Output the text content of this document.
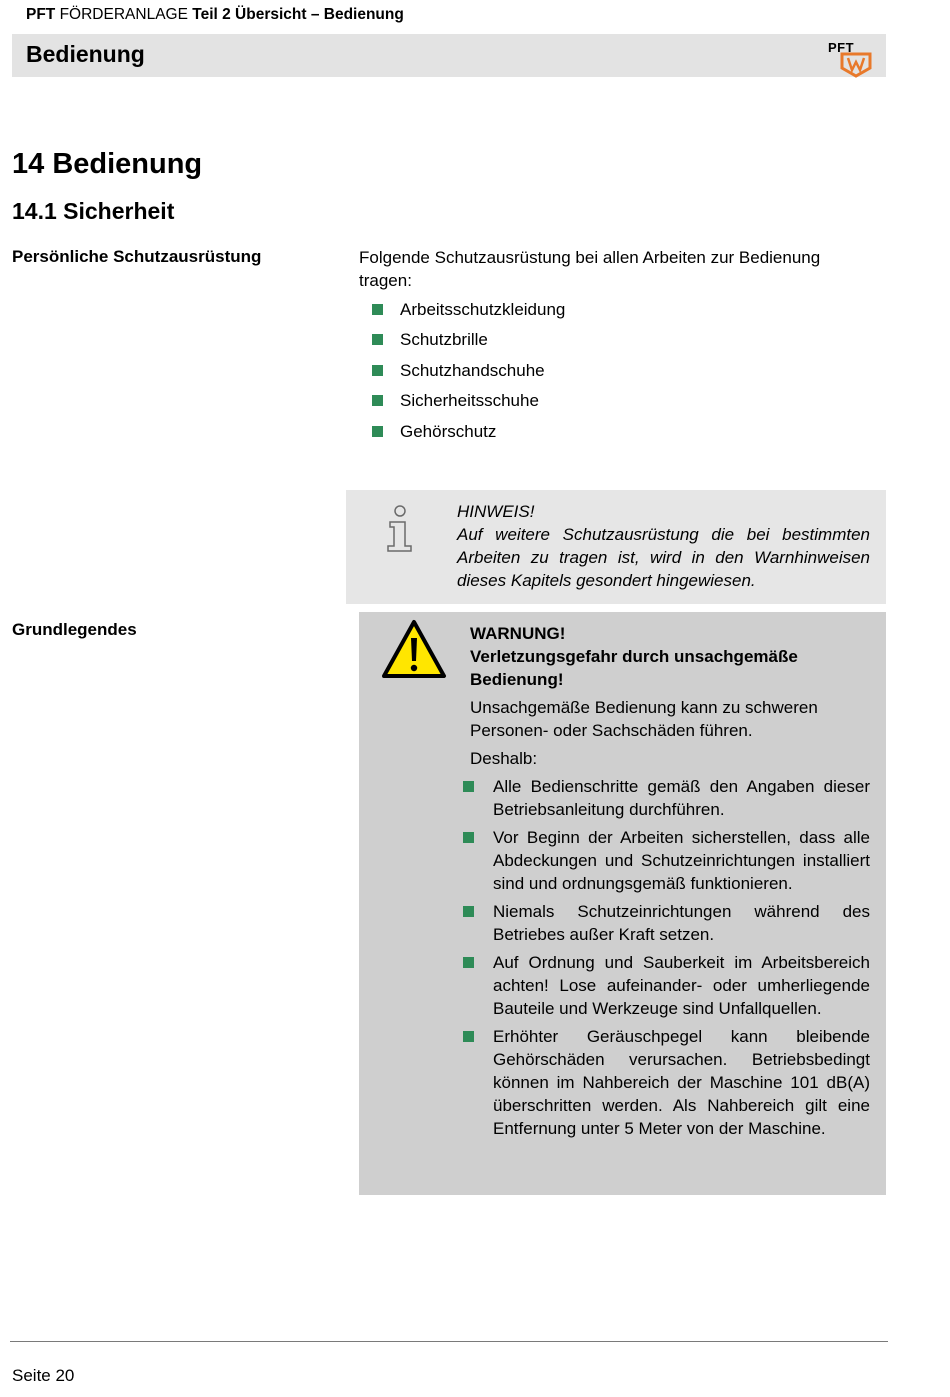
PFT FÖRDERANLAGE Teil 2 Übersicht – Bedienung
Bedienung	PFT
14 Bedienung
14.1 Sicherheit
Persönliche Schutzausrüstung	Folgende Schutzausrüstung bei allen Arbeiten zur Bedienung tragen:
Arbeitsschutzkleidung
Schutzbrille
Schutzhandschuhe
Sicherheitsschuhe
Gehörschutz
HINWEIS!
Auf weitere Schutzausrüstung die bei bestimmten Arbeiten zu tragen ist, wird in den Warnhinweisen dieses Kapitels gesondert hingewiesen.
Grundlegendes	WARNUNG!
Verletzungsgefahr durch unsachgemäße Bedienung!
Unsachgemäße Bedienung kann zu schweren Personen- oder Sachschäden führen.
Deshalb:
Alle Bedienschritte gemäß den Angaben dieser Betriebsanleitung durchführen.
Vor Beginn der Arbeiten sicherstellen, dass alle Abdeckungen und Schutzeinrichtungen installiert sind und ordnungsgemäß funktionieren.
Niemals Schutzeinrichtungen während des Betriebes außer Kraft setzen.
Auf Ordnung und Sauberkeit im Arbeitsbereich achten! Lose aufeinander- oder umherliegende Bauteile und Werkzeuge sind Unfallquellen.
Erhöhter Geräuschpegel kann bleibende Gehörschäden verursachen. Betriebsbedingt können im Nahbereich der Maschine 101 dB(A) überschritten werden. Als Nahbereich gilt eine Entfernung unter 5 Meter von der Maschine.
Seite 20
